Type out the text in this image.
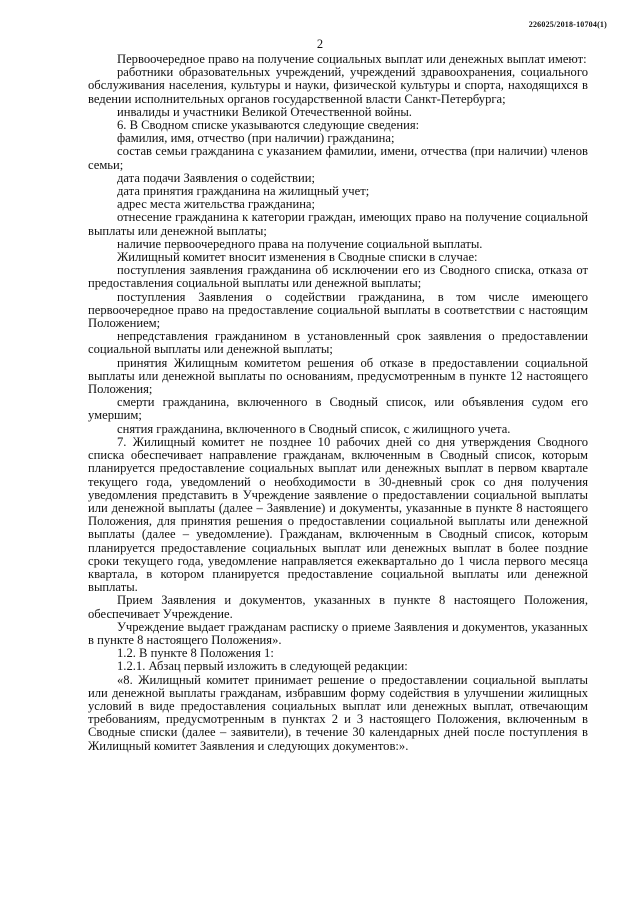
226025/2018-10704(1)
2

Первоочередное право на получение социальных выплат или денежных выплат имеют:

работники образовательных учреждений, учреждений здравоохранения, социального обслуживания населения, культуры и науки, физической культуры и спорта, находящихся в ведении исполнительных органов государственной власти Санкт-Петербурга;

инвалиды и участники Великой Отечественной войны.

6. В Сводном списке указываются следующие сведения:

фамилия, имя, отчество (при наличии) гражданина;

состав семьи гражданина с указанием фамилии, имени, отчества (при наличии) членов семьи;

дата подачи Заявления о содействии;

дата принятия гражданина на жилищный учет;

адрес места жительства гражданина;

отнесение гражданина к категории граждан, имеющих право на получение социальной выплаты или денежной выплаты;

наличие первоочередного права на получение социальной выплаты.

Жилищный комитет вносит изменения в Сводные списки в случае:

поступления заявления гражданина об исключении его из Сводного списка, отказа от предоставления социальной выплаты или денежной выплаты;

поступления Заявления о содействии гражданина, в том числе имеющего первоочередное право на предоставление социальной выплаты в соответствии с настоящим Положением;

непредставления гражданином в установленный срок заявления о предоставлении социальной выплаты или денежной выплаты;

принятия Жилищным комитетом решения об отказе в предоставлении социальной выплаты или денежной выплаты по основаниям, предусмотренным в пункте 12 настоящего Положения;

смерти гражданина, включенного в Сводный список, или объявления судом его умершим;

снятия гражданина, включенного в Сводный список, с жилищного учета.

7. Жилищный комитет не позднее 10 рабочих дней со дня утверждения Сводного списка обеспечивает направление гражданам, включенным в Сводный список, которым планируется предоставление социальных выплат или денежных выплат в первом квартале текущего года, уведомлений о необходимости в 30-дневный срок со дня получения уведомления представить в Учреждение заявление о предоставлении социальной выплаты или денежной выплаты (далее – Заявление) и документы, указанные в пункте 8 настоящего Положения, для принятия решения о предоставлении социальной выплаты или денежной выплаты (далее – уведомление). Гражданам, включенным в Сводный список, которым планируется предоставление социальных выплат или денежных выплат в более поздние сроки текущего года, уведомление направляется ежеквартально до 1 числа первого месяца квартала, в котором планируется предоставление социальной выплаты или денежной выплаты.

Прием Заявления и документов, указанных в пункте 8 настоящего Положения, обеспечивает Учреждение.

Учреждение выдает гражданам расписку о приеме Заявления и документов, указанных в пункте 8 настоящего Положения».

1.2. В пункте 8 Положения 1:

1.2.1. Абзац первый изложить в следующей редакции:

«8. Жилищный комитет принимает решение о предоставлении социальной выплаты или денежной выплаты гражданам, избравшим форму содействия в улучшении жилищных условий в виде предоставления социальных выплат или денежных выплат, отвечающим требованиям, предусмотренным в пунктах 2 и 3 настоящего Положения, включенным в Сводные списки (далее – заявители), в течение 30 календарных дней после поступления в Жилищный комитет Заявления и следующих документов:».
